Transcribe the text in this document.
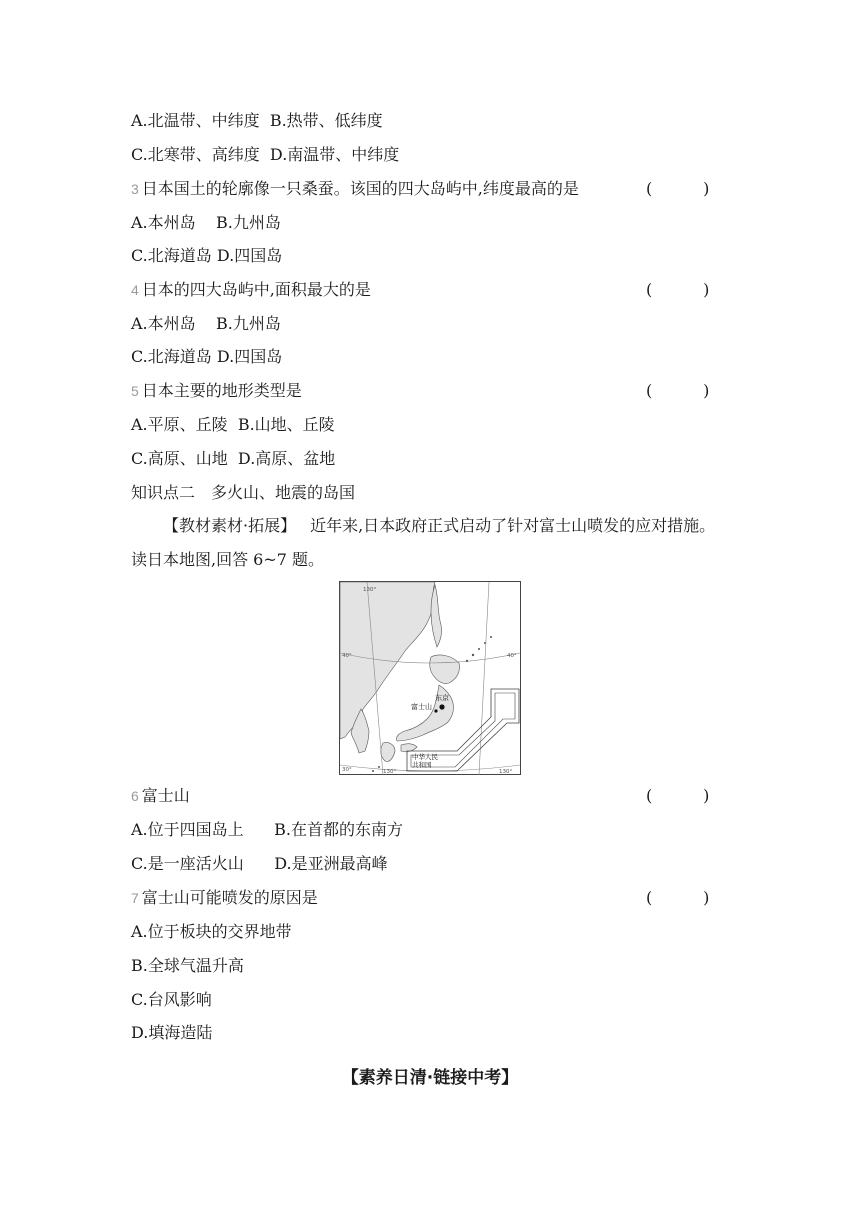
A.北温带、中纬度  B.热带、低纬度
C.北寒带、高纬度  D.南温带、中纬度
3 日本国土的轮廓像一只桑蚕。该国的四大岛屿中,纬度最高的是	(          )
A.本州岛    B.九州岛
C.北海道岛 D.四国岛
4 日本的四大岛屿中,面积最大的是	(          )
A.本州岛    B.九州岛
C.北海道岛 D.四国岛
5 日本主要的地形类型是	(          )
A.平原、丘陵  B.山地、丘陵
C.高原、山地  D.高原、盆地
知识点二 多火山、地震的岛国
【教材素材·拓展】 近年来,日本政府正式启动了针对富士山喷发的应对措施。读日本地图,回答 6~7 题。
东京
富士山
中华人民
共和国
130°
40°	40°
30°	130°	130°
6 富士山	(          )
A.位于四国岛上      B.在首都的东南方
C.是一座活火山      D.是亚洲最高峰
7 富士山可能喷发的原因是	(          )
A.位于板块的交界地带
B.全球气温升高
C.台风影响
D.填海造陆
【素养日清·链接中考】
